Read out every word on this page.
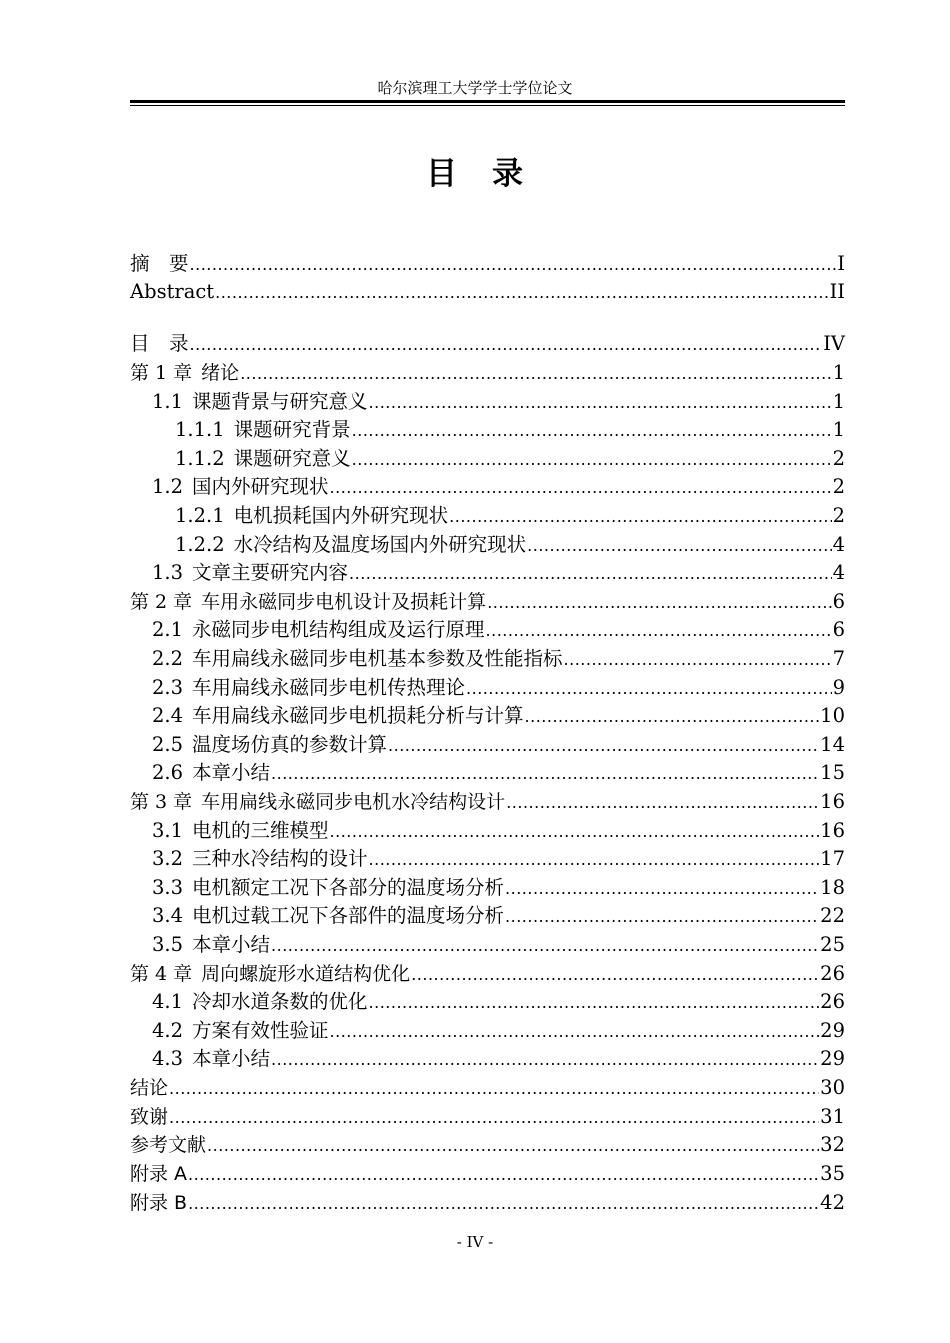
哈尔滨理工大学学士学位论文
目 录
摘　要 .....	I
Abstract .....	II
目　录 .....	IV
第 1 章 绪论 .....	1
1.1 课题背景与研究意义 .....	1
1.1.1 课题研究背景 .....	1
1.1.2 课题研究意义 .....	2
1.2 国内外研究现状 .....	2
1.2.1 电机损耗国内外研究现状 .....	2
1.2.2 水冷结构及温度场国内外研究现状 .....	4
1.3 文章主要研究内容 .....	4
第 2 章 车用永磁同步电机设计及损耗计算 .....	6
2.1 永磁同步电机结构组成及运行原理 .....	6
2.2 车用扁线永磁同步电机基本参数及性能指标 .....	7
2.3 车用扁线永磁同步电机传热理论 .....	9
2.4 车用扁线永磁同步电机损耗分析与计算 .....	10
2.5 温度场仿真的参数计算 .....	14
2.6 本章小结 .....	15
第 3 章 车用扁线永磁同步电机水冷结构设计 .....	16
3.1 电机的三维模型 .....	16
3.2 三种水冷结构的设计 .....	17
3.3 电机额定工况下各部分的温度场分析 .....	18
3.4 电机过载工况下各部件的温度场分析 .....	22
3.5 本章小结 .....	25
第 4 章 周向螺旋形水道结构优化 .....	26
4.1 冷却水道条数的优化 .....	26
4.2 方案有效性验证 .....	29
4.3 本章小结 .....	29
结论 .....	30
致谢 .....	31
参考文献 .....	32
附录 A .....	35
附录 B .....	42
- IV -
